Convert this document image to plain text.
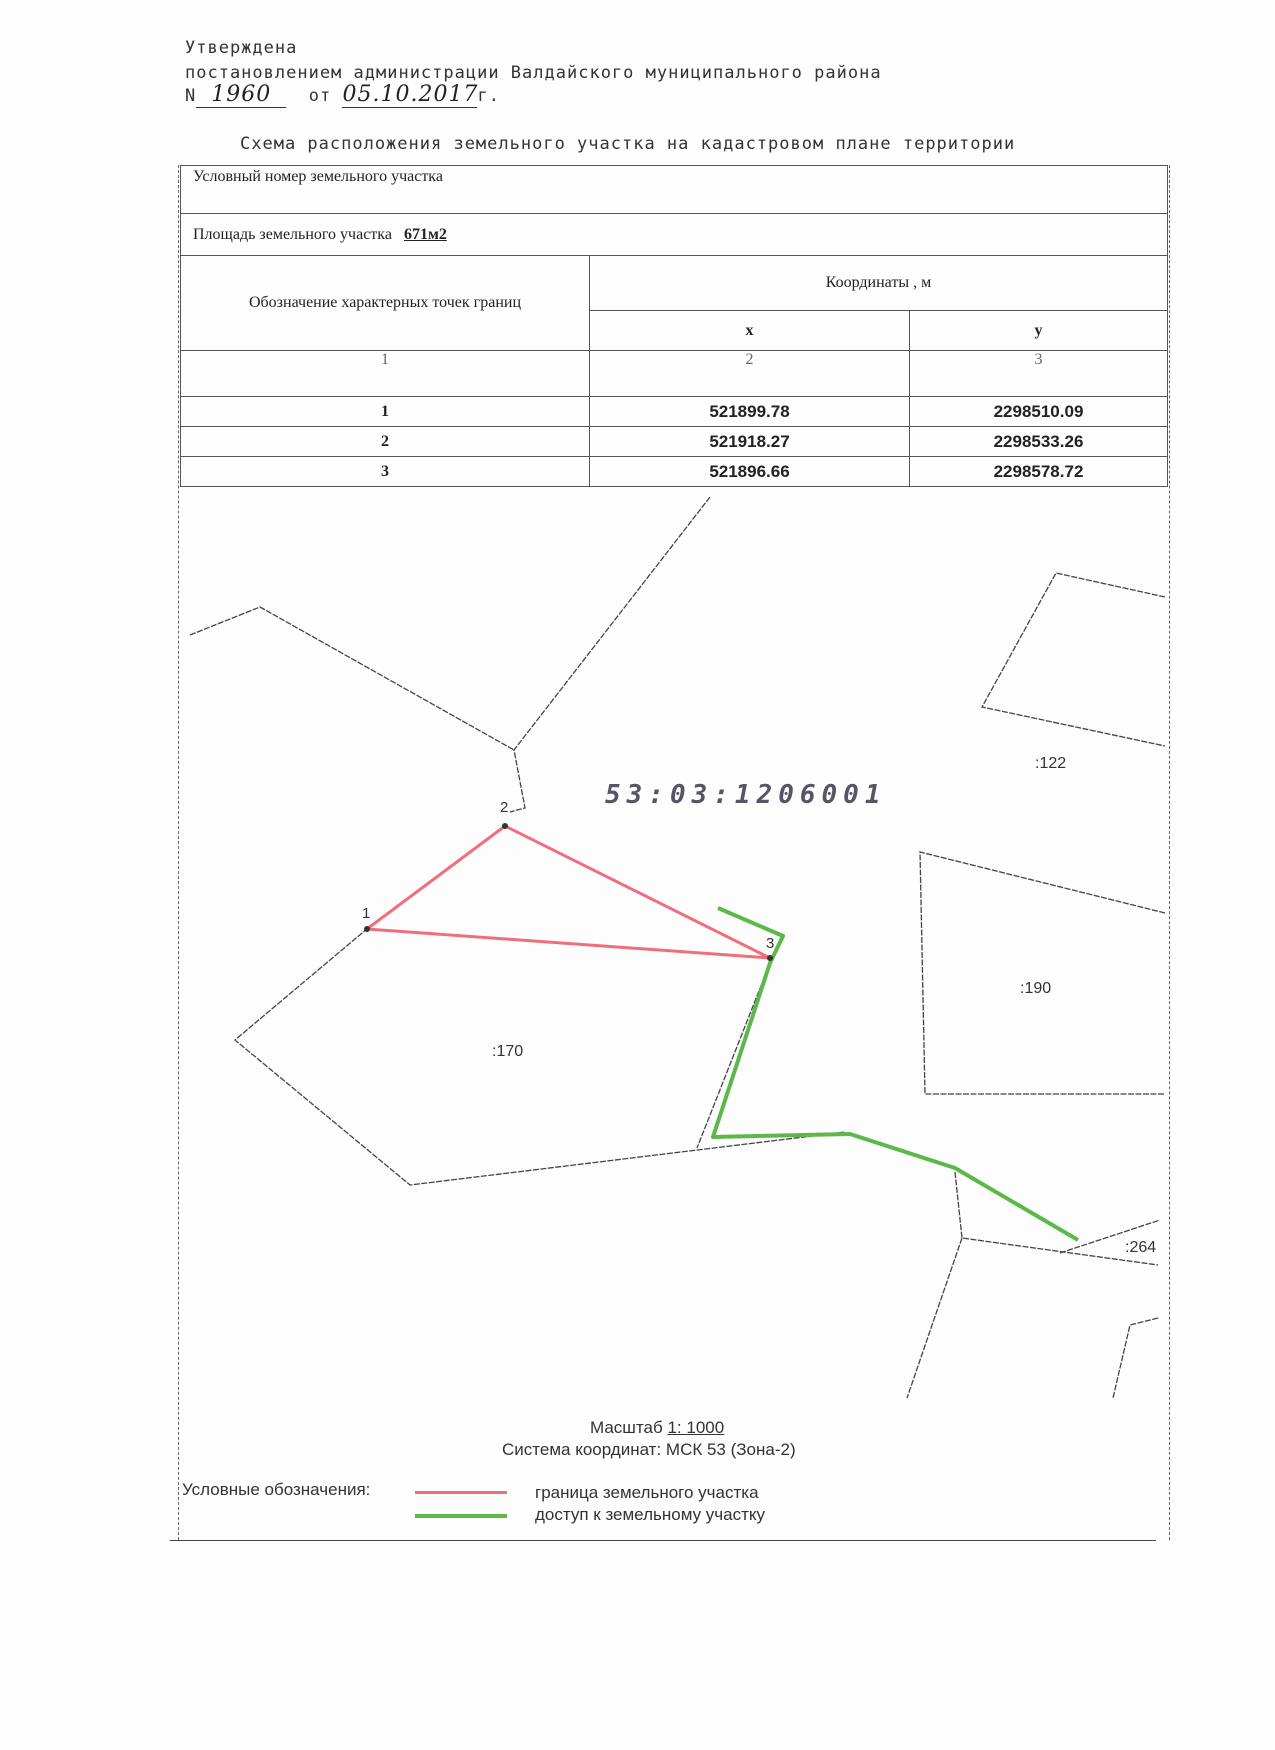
Утверждена
постановлением администрации Валдайского муниципального района
N 1960 от 05.10.2017г.
Схема расположения земельного участка на кадастровом плане территории
Условный номер земельного участка		
Площадь земельного участка 671м2		
Обозначение характерных точек границ	Координаты , м	
	x	y
1	2	3
1	521899.78	2298510.09
2	521918.27	2298533.26
3	521896.66	2298578.72
1
2
3
53:03:1206001
:122
:190
:170
:264
Масштаб 1: 1000
Система координат: МСК 53 (Зона-2)
Условные обозначения:	граница земельного участка
доступ к земельному участку
